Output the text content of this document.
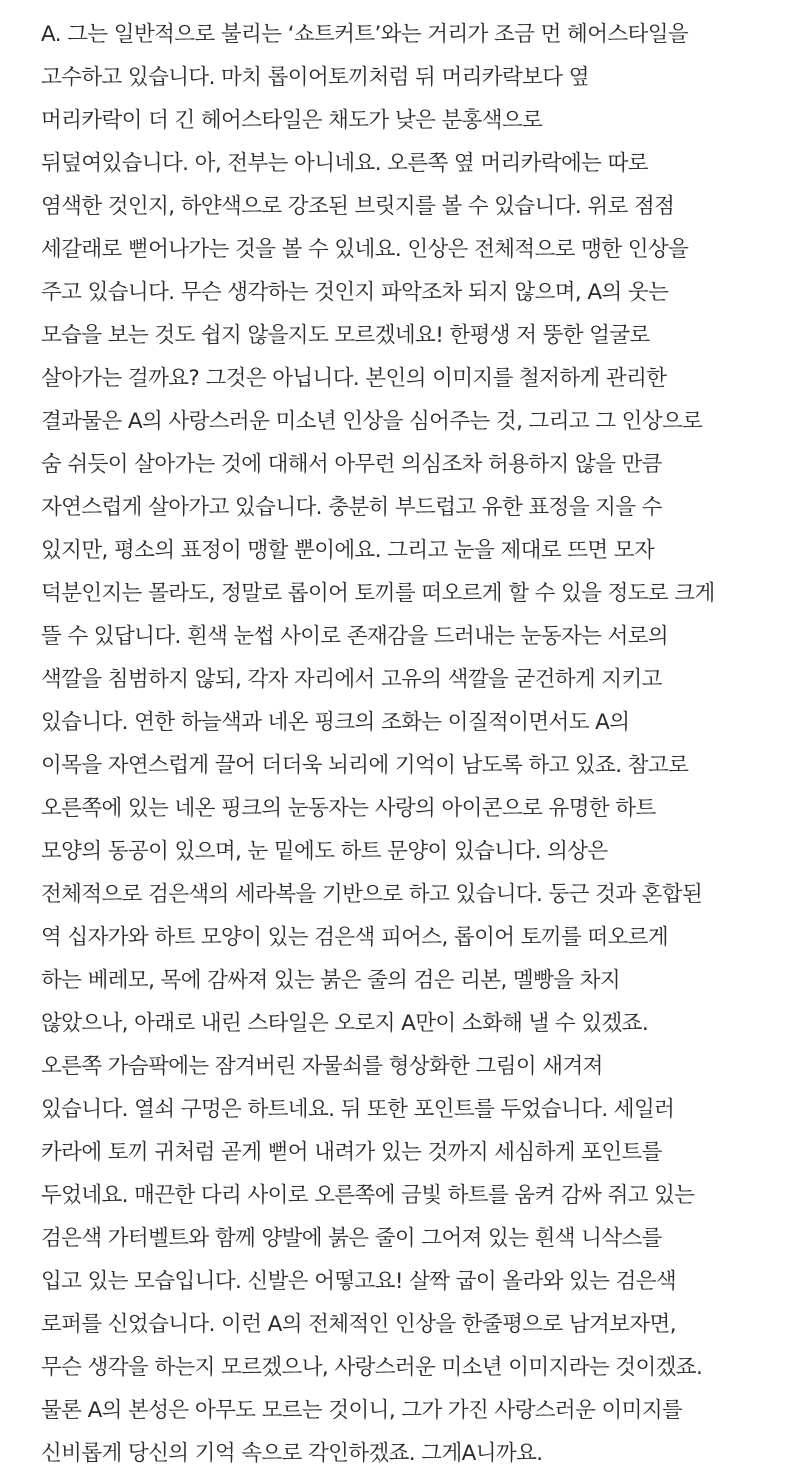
A. 그는 일반적으로 불리는 ‘쇼트커트’와는 거리가 조금 먼 헤어스타일을
고수하고 있습니다. 마치 롭이어토끼처럼 뒤 머리카락보다 옆
머리카락이 더 긴 헤어스타일은 채도가 낮은 분홍색으로
뒤덮여있습니다. 아, 전부는 아니네요. 오른쪽 옆 머리카락에는 따로
염색한 것인지, 하얀색으로 강조된 브릿지를 볼 수 있습니다. 위로 점점
세갈래로 뻗어나가는 것을 볼 수 있네요. 인상은 전체적으로 맹한 인상을
주고 있습니다. 무슨 생각하는 것인지 파악조차 되지 않으며, A의 웃는
모습을 보는 것도 쉽지 않을지도 모르겠네요! 한평생 저 뚱한 얼굴로
살아가는 걸까요? 그것은 아닙니다. 본인의 이미지를 철저하게 관리한
결과물은 A의 사랑스러운 미소년 인상을 심어주는 것, 그리고 그 인상으로
숨 쉬듯이 살아가는 것에 대해서 아무런 의심조차 허용하지 않을 만큼
자연스럽게 살아가고 있습니다. 충분히 부드럽고 유한 표정을 지을 수
있지만, 평소의 표정이 맹할 뿐이에요. 그리고 눈을 제대로 뜨면 모자
덕분인지는 몰라도, 정말로 롭이어 토끼를 떠오르게 할 수 있을 정도로 크게
뜰 수 있답니다. 흰색 눈썹 사이로 존재감을 드러내는 눈동자는 서로의
색깔을 침범하지 않되, 각자 자리에서 고유의 색깔을 굳건하게 지키고
있습니다. 연한 하늘색과 네온 핑크의 조화는 이질적이면서도 A의
이목을 자연스럽게 끌어 더더욱 뇌리에 기억이 남도록 하고 있죠. 참고로
오른쪽에 있는 네온 핑크의 눈동자는 사랑의 아이콘으로 유명한 하트
모양의 동공이 있으며, 눈 밑에도 하트 문양이 있습니다. 의상은
전체적으로 검은색의 세라복을 기반으로 하고 있습니다. 둥근 것과 혼합된
역 십자가와 하트 모양이 있는 검은색 피어스, 롭이어 토끼를 떠오르게
하는 베레모, 목에 감싸져 있는 붉은 줄의 검은 리본, 멜빵을 차지
않았으나, 아래로 내린 스타일은 오로지 A만이 소화해 낼 수 있겠죠.
오른쪽 가슴팍에는 잠겨버린 자물쇠를 형상화한 그림이 새겨져
있습니다. 열쇠 구멍은 하트네요. 뒤 또한 포인트를 두었습니다. 세일러
카라에 토끼 귀처럼 곧게 뻗어 내려가 있는 것까지 세심하게 포인트를
두었네요. 매끈한 다리 사이로 오른쪽에 금빛 하트를 움켜 감싸 쥐고 있는
검은색 가터벨트와 함께 양발에 붉은 줄이 그어져 있는 흰색 니삭스를
입고 있는 모습입니다. 신발은 어떻고요! 살짝 굽이 올라와 있는 검은색
로퍼를 신었습니다. 이런 A의 전체적인 인상을 한줄평으로 남겨보자면,
무슨 생각을 하는지 모르겠으나, 사랑스러운 미소년 이미지라는 것이겠죠.
물론 A의 본성은 아무도 모르는 것이니, 그가 가진 사랑스러운 이미지를
신비롭게 당신의 기억 속으로 각인하겠죠. 그게A니까요.
